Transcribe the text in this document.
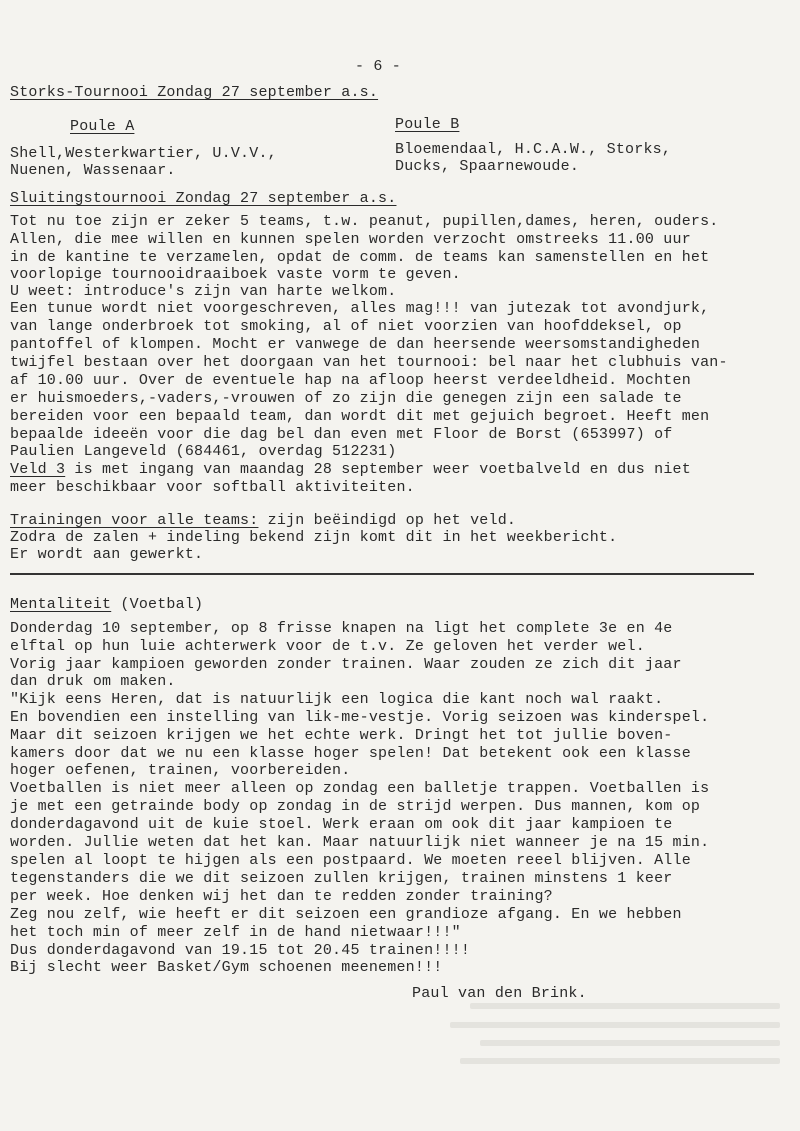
- 6 -
Storks-Tournooi Zondag 27 september a.s.
Poule A	Poule B
Shell,Westerkwartier, U.V.V.,
Nuenen, Wassenaar.
Bloemendaal, H.C.A.W., Storks,
Ducks, Spaarnewoude.
Sluitingstournooi Zondag 27 september a.s.
Tot nu toe zijn er zeker 5 teams, t.w. peanut, pupillen,dames, heren, ouders.
Allen, die mee willen en kunnen spelen worden verzocht omstreeks 11.00 uur
in de kantine te verzamelen, opdat de comm. de teams kan samenstellen en het
voorlopige tournooidraaiboek vaste vorm te geven.
U weet: introduce's zijn van harte welkom.
Een tunue wordt niet voorgeschreven, alles mag!!! van jutezak tot avondjurk,
van lange onderbroek tot smoking, al of niet voorzien van hoofddeksel, op
pantoffel of klompen. Mocht er vanwege de dan heersende weersomstandigheden
twijfel bestaan over het doorgaan van het tournooi: bel naar het clubhuis van-
af 10.00 uur. Over de eventuele hap na afloop heerst verdeeldheid. Mochten
er huismoeders,-vaders,-vrouwen of zo zijn die genegen zijn een salade te
bereiden voor een bepaald team, dan wordt dit met gejuich begroet. Heeft men
bepaalde ideeën voor die dag bel dan even met Floor de Borst (653997) of
Paulien Langeveld (684461, overdag 512231)
Veld 3 is met ingang van maandag 28 september weer voetbalveld en dus niet
meer beschikbaar voor softball aktiviteiten.
Trainingen voor alle teams: zijn beëindigd op het veld.
Zodra de zalen + indeling bekend zijn komt dit in het weekbericht.
Er wordt aan gewerkt.
Mentaliteit (Voetbal)
Donderdag 10 september, op 8 frisse knapen na ligt het complete 3e en 4e
elftal op hun luie achterwerk voor de t.v. Ze geloven het verder wel.
Vorig jaar kampioen geworden zonder trainen. Waar zouden ze zich dit jaar
dan druk om maken.
"Kijk eens Heren, dat is natuurlijk een logica die kant noch wal raakt.
En bovendien een instelling van lik-me-vestje. Vorig seizoen was kinderspel.
Maar dit seizoen krijgen we het echte werk. Dringt het tot jullie boven-
kamers door dat we nu een klasse hoger spelen! Dat betekent ook een klasse
hoger oefenen, trainen, voorbereiden.
Voetballen is niet meer alleen op zondag een balletje trappen. Voetballen is
je met een getrainde body op zondag in de strijd werpen. Dus mannen, kom op
donderdagavond uit de kuie stoel. Werk eraan om ook dit jaar kampioen te
worden. Jullie weten dat het kan. Maar natuurlijk niet wanneer je na 15 min.
spelen al loopt te hijgen als een postpaard. We moeten reeel blijven. Alle
tegenstanders die we dit seizoen zullen krijgen, trainen minstens 1 keer
per week. Hoe denken wij het dan te redden zonder training?
Zeg nou zelf, wie heeft er dit seizoen een grandioze afgang. En we hebben
het toch min of meer zelf in de hand nietwaar!!!"
Dus donderdagavond van 19.15 tot 20.45 trainen!!!!
Bij slecht weer Basket/Gym schoenen meenemen!!!
Paul van den Brink.
